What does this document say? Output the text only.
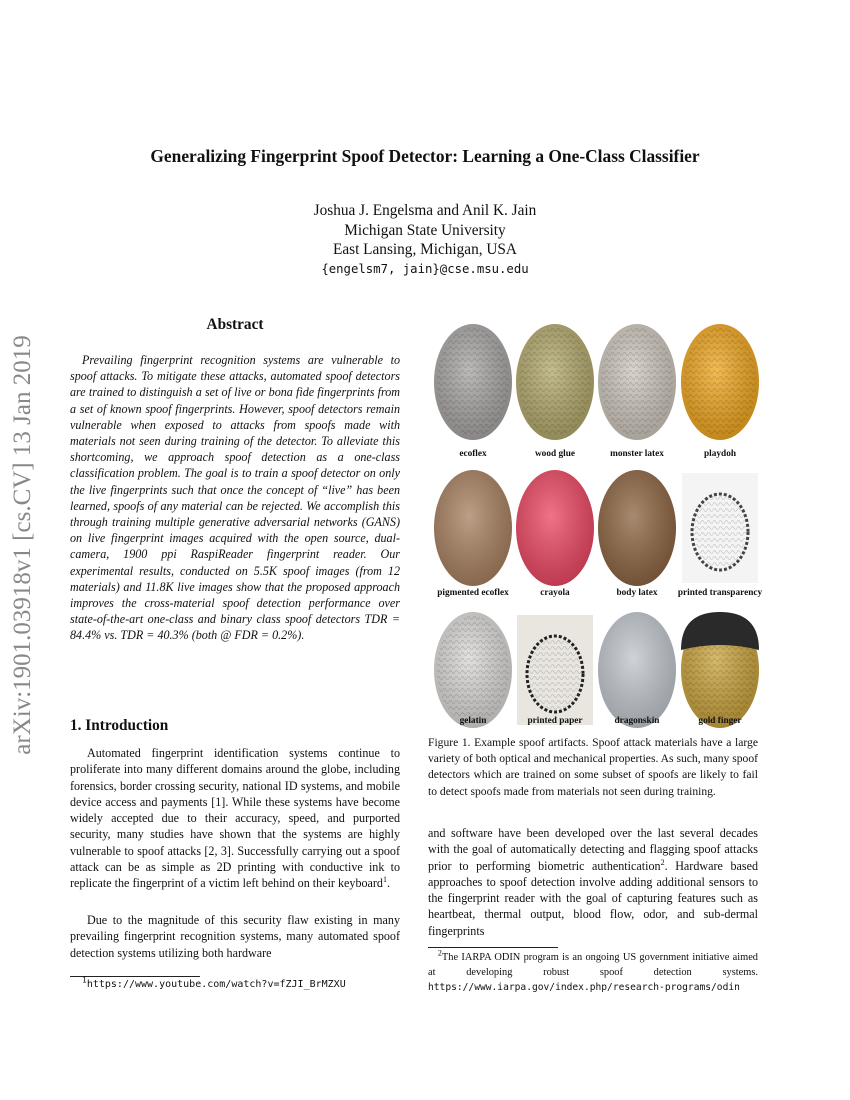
arXiv:1901.03918v1 [cs.CV] 13 Jan 2019
Generalizing Fingerprint Spoof Detector: Learning a One-Class Classifier
Joshua J. Engelsma and Anil K. Jain
Michigan State University
East Lansing, Michigan, USA
{engelsm7, jain}@cse.msu.edu
Abstract

Prevailing fingerprint recognition systems are vulnerable to spoof attacks. To mitigate these attacks, automated spoof detectors are trained to distinguish a set of live or bona fide fingerprints from a set of known spoof fingerprints. However, spoof detectors remain vulnerable when exposed to attacks from spoofs made with materials not seen during training of the detector. To alleviate this shortcoming, we approach spoof detection as a one-class classification problem. The goal is to train a spoof detector on only the live fingerprints such that once the concept of “live” has been learned, spoofs of any material can be rejected. We accomplish this through training multiple generative adversarial networks (GANS) on live fingerprint images acquired with the open source, dual-camera, 1900 ppi RaspiReader fingerprint reader. Our experimental results, conducted on 5.5K spoof images (from 12 materials) and 11.8K live images show that the proposed approach improves the cross-material spoof detection performance over state-of-the-art one-class and binary class spoof detectors TDR = 84.4% vs. TDR = 40.3% (both @ FDR = 0.2%).

1. Introduction

Automated fingerprint identification systems continue to proliferate into many different domains around the globe, including forensics, border crossing security, national ID systems, and mobile device access and payments [1]. While these systems have become widely accepted due to their accuracy, speed, and purported security, many studies have shown that the systems are highly vulnerable to spoof attacks [2, 3]. Successfully carrying out a spoof attack can be as simple as 2D printing with conductive ink to replicate the fingerprint of a victim left behind on their keyboard$^1$.

Due to the magnitude of this security flaw existing in many prevailing fingerprint recognition systems, many automated spoof detection systems utilizing both hardware

ecoflex	wood glue	monster latex	playdoh
pigmented ecoflex	crayola	body latex	printed transparency
gelatin	printed paper	dragonskin	gold finger

Figure 1. Example spoof artifacts. Spoof attack materials have a large variety of both optical and mechanical properties. As such, many spoof detectors which are trained on some subset of spoofs are likely to fail to detect spoofs made from materials not seen during training.

and software have been developed over the last several decades with the goal of automatically detecting and flagging spoof attacks prior to performing biometric authentication$^2$. Hardware based approaches to spoof detection involve adding additional sensors to the fingerprint reader with the goal of capturing features such as heartbeat, thermal output, blood flow, odor, and sub-dermal fingerprints

$^1$https://www.youtube.com/watch?v=fZJI_BrMZXU

$^2$The IARPA ODIN program is an ongoing US government initiative aimed at developing robust spoof detection systems. https://www.iarpa.gov/index.php/research-programs/odin
